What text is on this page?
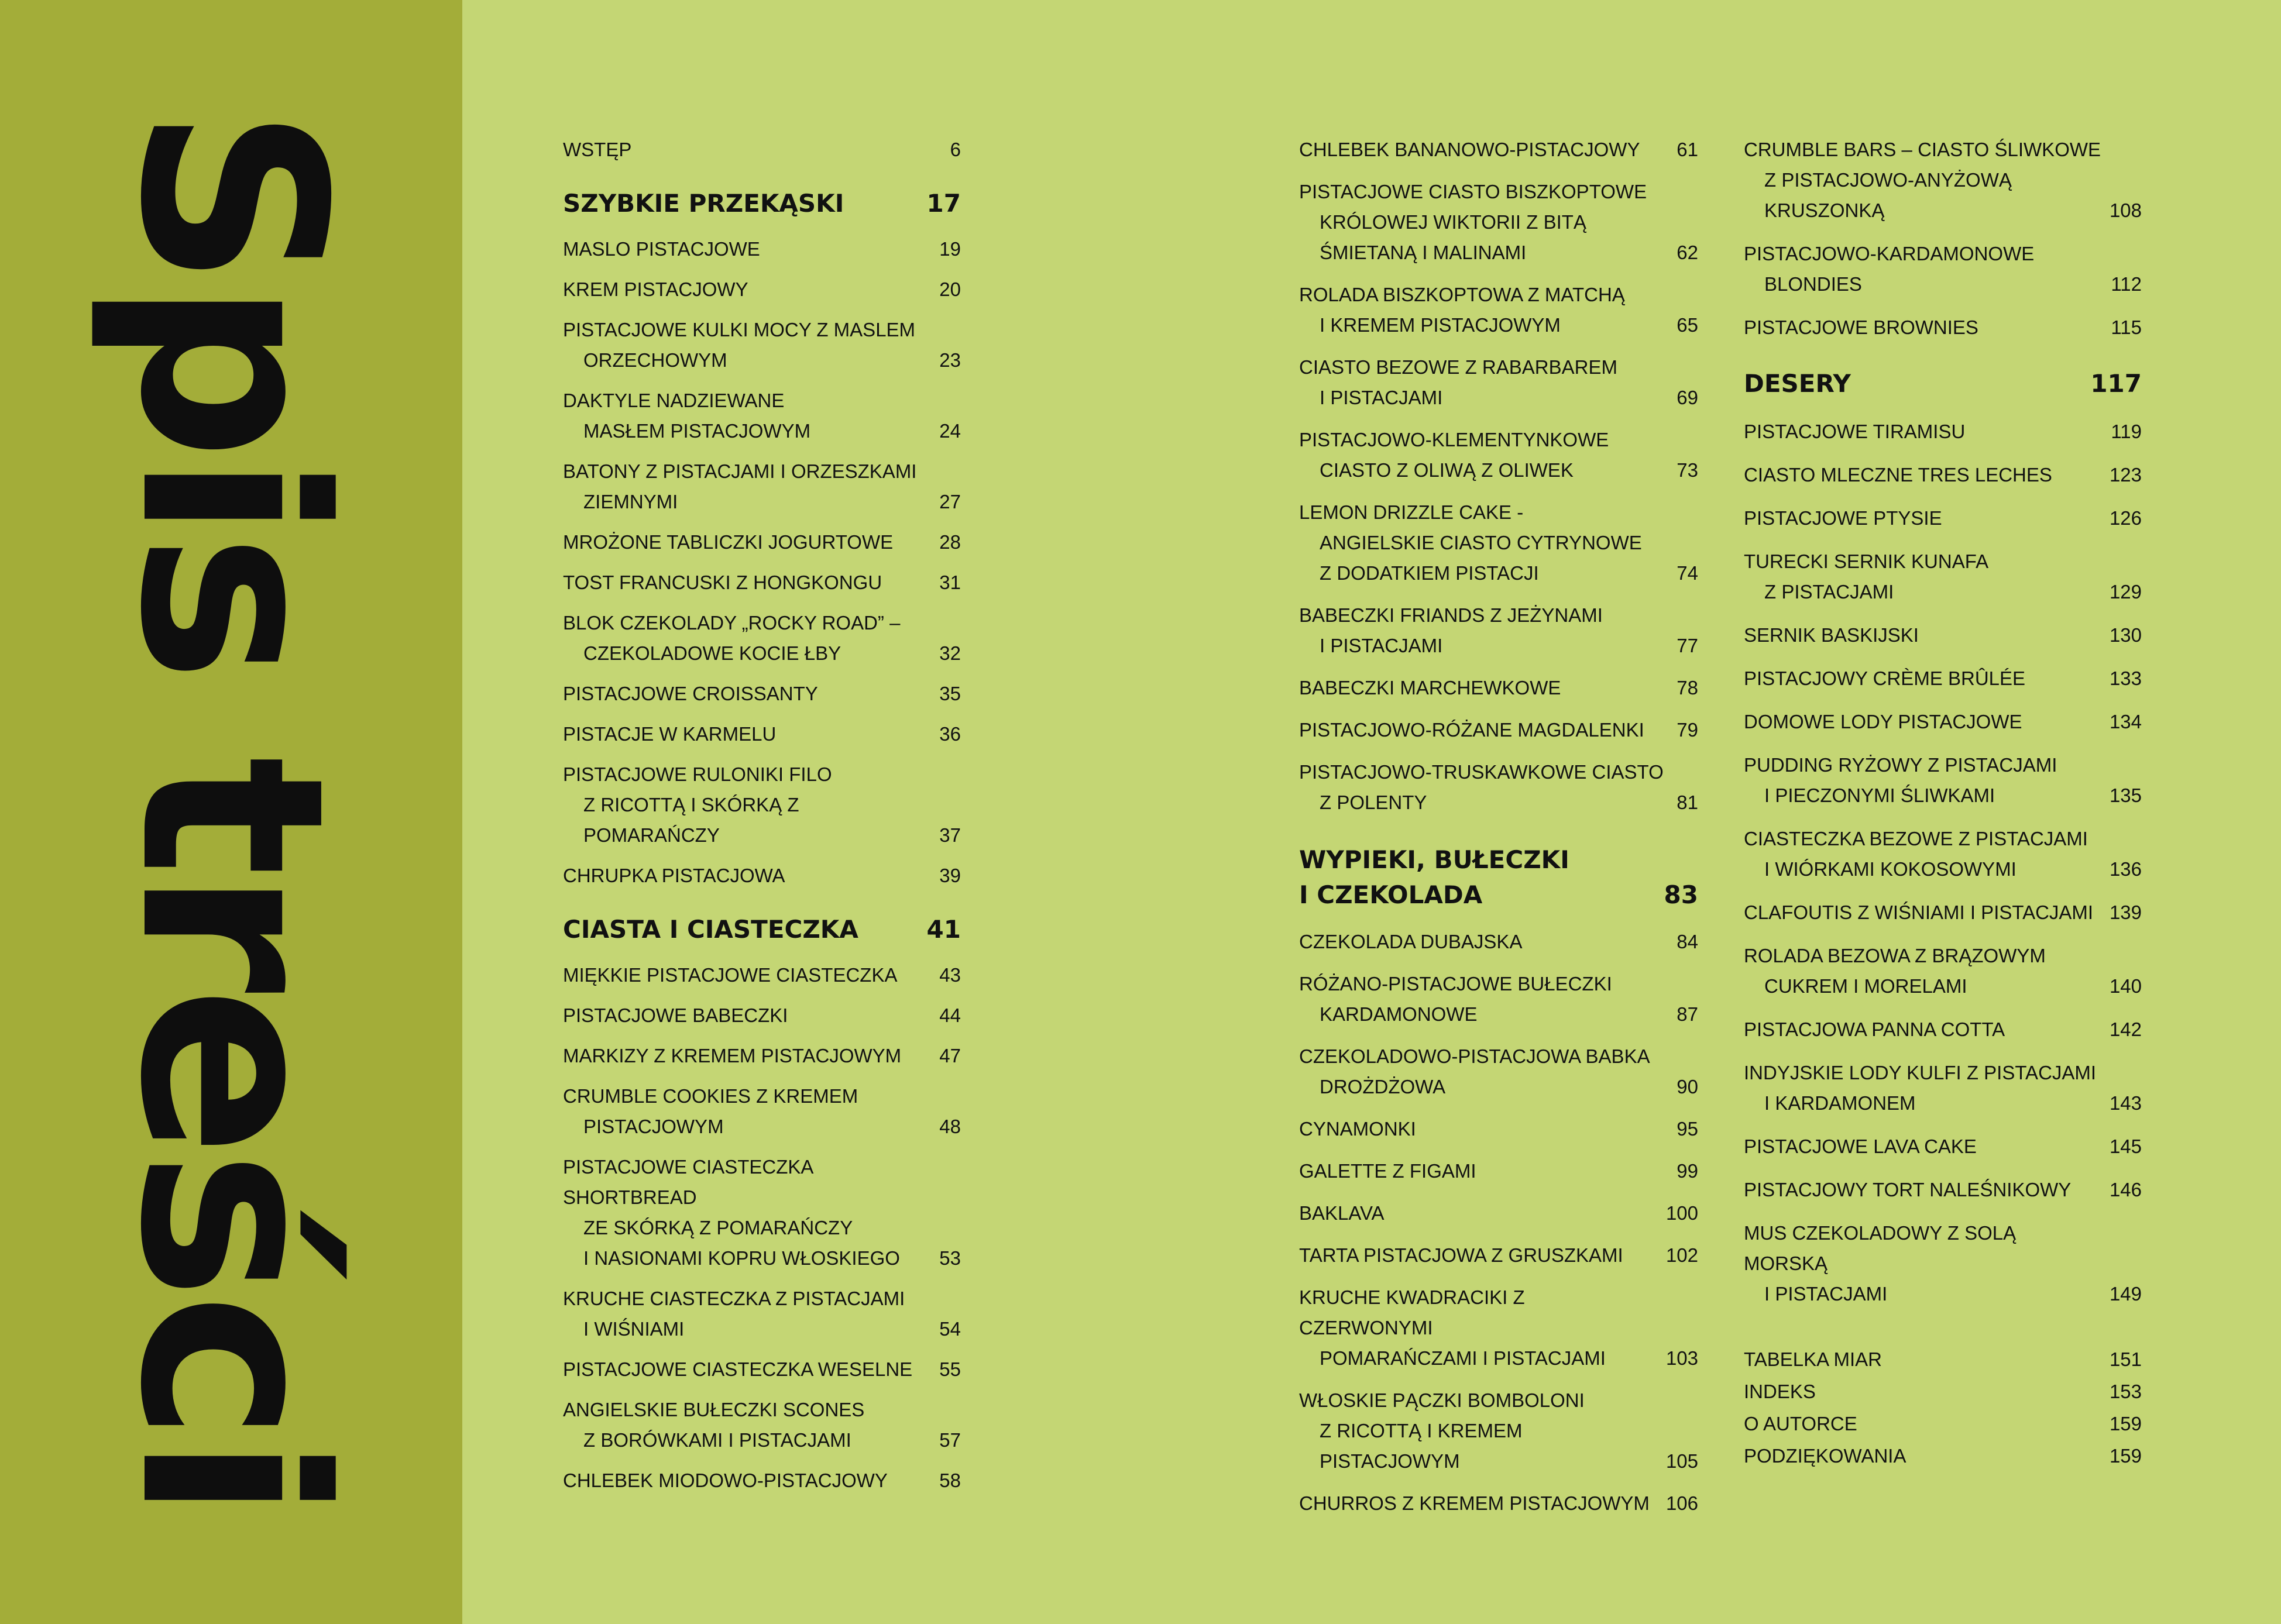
Spis treści	WSTĘP	6
SZYBKIE PRZEKĄSKI	17
MASLO PISTACJOWE	19
KREM PISTACJOWY	20
PISTACJOWE KULKI MOCY Z MASLEM
ORZECHOWYM	23
DAKTYLE NADZIEWANE
MASŁEM PISTACJOWYM	24
BATONY Z PISTACJAMI I ORZESZKAMI
ZIEMNYMI	27
MROŻONE TABLICZKI JOGURTOWE	28
TOST FRANCUSKI Z HONGKONGU	31
BLOK CZEKOLADY „ROCKY ROAD” –
CZEKOLADOWE KOCIE ŁBY	32
PISTACJOWE CROISSANTY	35
PISTACJE W KARMELU	36
PISTACJOWE RULONIKI FILO
Z RICOTTĄ I SKÓRKĄ Z POMARAŃCZY	37
CHRUPKA PISTACJOWA	39
CIASTA I CIASTECZKA	41
MIĘKKIE PISTACJOWE CIASTECZKA	43
PISTACJOWE BABECZKI	44
MARKIZY Z KREMEM PISTACJOWYM	47
CRUMBLE COOKIES Z KREMEM
PISTACJOWYM	48
PISTACJOWE CIASTECZKA SHORTBREAD
ZE SKÓRKĄ Z POMARAŃCZY
I NASIONAMI KOPRU WŁOSKIEGO	53
KRUCHE CIASTECZKA Z PISTACJAMI
I WIŚNIAMI	54
PISTACJOWE CIASTECZKA WESELNE	55
ANGIELSKIE BUŁECZKI SCONES
Z BORÓWKAMI I PISTACJAMI	57
CHLEBEK MIODOWO-PISTACJOWY	58
CHLEBEK BANANOWO-PISTACJOWY	61
PISTACJOWE CIASTO BISZKOPTOWE
KRÓLOWEJ WIKTORII Z BITĄ
ŚMIETANĄ I MALINAMI	62
ROLADA BISZKOPTOWA Z MATCHĄ
I KREMEM PISTACJOWYM	65
CIASTO BEZOWE Z RABARBAREM
I PISTACJAMI	69
PISTACJOWO-KLEMENTYNKOWE
CIASTO Z OLIWĄ Z OLIWEK	73
LEMON DRIZZLE CAKE -
ANGIELSKIE CIASTO CYTRYNOWE
Z DODATKIEM PISTACJI	74
BABECZKI FRIANDS Z JEŻYNAMI
I PISTACJAMI	77
BABECZKI MARCHEWKOWE	78
PISTACJOWO-RÓŻANE MAGDALENKI	79
PISTACJOWO-TRUSKAWKOWE CIASTO
Z POLENTY	81
WYPIEKI, BUŁECZKI
I CZEKOLADA	83
CZEKOLADA DUBAJSKA	84
RÓŻANO-PISTACJOWE BUŁECZKI
KARDAMONOWE	87
CZEKOLADOWO-PISTACJOWA BABKA
DROŻDŻOWA	90
CYNAMONKI	95
GALETTE Z FIGAMI	99
BAKLAVA	100
TARTA PISTACJOWA Z GRUSZKAMI	102
KRUCHE KWADRACIKI Z CZERWONYMI
POMARAŃCZAMI I PISTACJAMI	103
WŁOSKIE PĄCZKI BOMBOLONI
Z RICOTTĄ I KREMEM PISTACJOWYM	105
CHURROS Z KREMEM PISTACJOWYM 106
CRUMBLE BARS – CIASTO ŚLIWKOWE
Z PISTACJOWO-ANYŻOWĄ
KRUSZONKĄ	108
PISTACJOWO-KARDAMONOWE
BLONDIES	112
PISTACJOWE BROWNIES	115
DESERY	117
PISTACJOWE TIRAMISU	119
CIASTO MLECZNE TRES LECHES	123
PISTACJOWE PTYSIE	126
TURECKI SERNIK KUNAFA
Z PISTACJAMI	129
SERNIK BASKIJSKI	130
PISTACJOWY CRÈME BRÛLÉE	133
DOMOWE LODY PISTACJOWE	134
PUDDING RYŻOWY Z PISTACJAMI
I PIECZONYMI ŚLIWKAMI	135
CIASTECZKA BEZOWE Z PISTACJAMI
I WIÓRKAMI KOKOSOWYMI	136
CLAFOUTIS Z WIŚNIAMI I PISTACJAMI 139
ROLADA BEZOWA Z BRĄZOWYM
CUKREM I MORELAMI	140
PISTACJOWA PANNA COTTA	142
INDYJSKIE LODY KULFI Z PISTACJAMI
I KARDAMONEM	143
PISTACJOWE LAVA CAKE	145
PISTACJOWY TORT NALEŚNIKOWY	146
MUS CZEKOLADOWY Z SOLĄ MORSKĄ
I PISTACJAMI	149
TABELKA MIAR	151
INDEKS	153
O AUTORCE	159
PODZIĘKOWANIA	159
